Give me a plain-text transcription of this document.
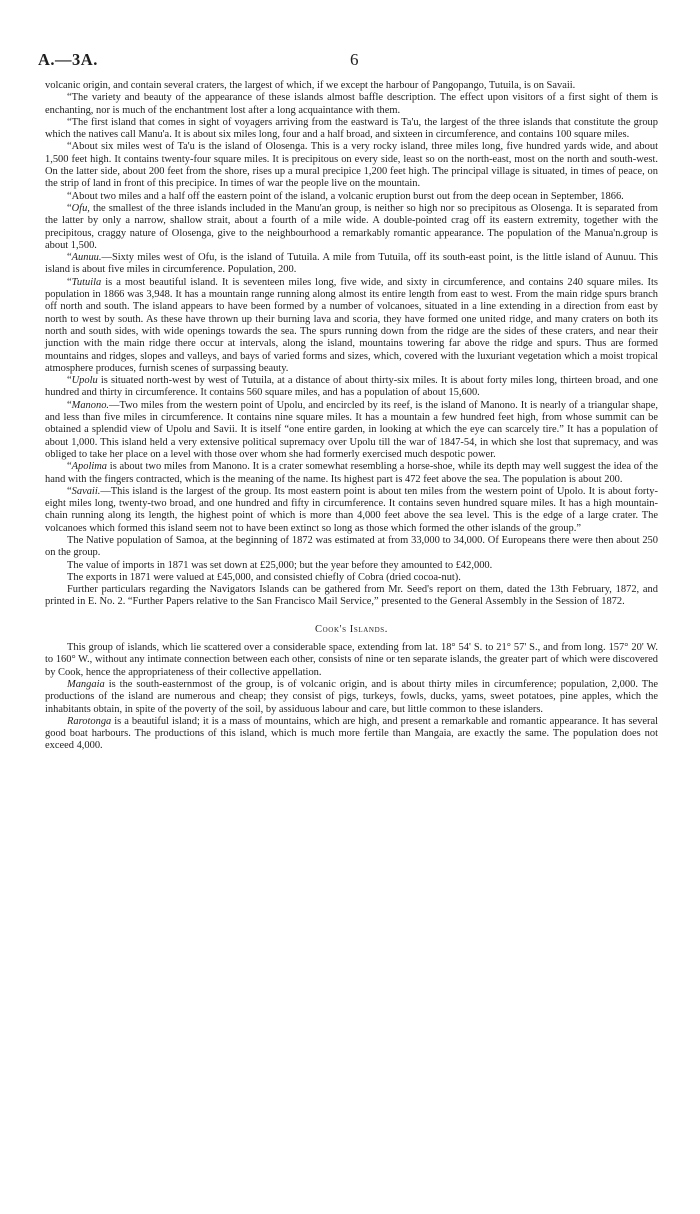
A.—3A.	6

volcanic origin, and contain several craters, the largest of which, if we except the harbour of Pangopango, Tutuila, is on Savaii.

“The variety and beauty of the appearance of these islands almost baffle description. The effect upon visitors of a first sight of them is enchanting, nor is much of the enchantment lost after a long acquaintance with them.

“The first island that comes in sight of voyagers arriving from the eastward is Ta'u, the largest of the three islands that constitute the group which the natives call Manu'a. It is about six miles long, four and a half broad, and sixteen in circumference, and contains 100 square miles.

“About six miles west of Ta'u is the island of Olosenga. This is a very rocky island, three miles long, five hundred yards wide, and about 1,500 feet high. It contains twenty-four square miles. It is precipitous on every side, least so on the north-east, most on the north and south-west. On the latter side, about 200 feet from the shore, rises up a mural precipice 1,200 feet high. The principal village is situated, in times of peace, on the strip of land in front of this precipice. In times of war the people live on the mountain.

“About two miles and a half off the eastern point of the island, a volcanic eruption burst out from the deep ocean in September, 1866.

“Ofu, the smallest of the three islands included in the Manu'an group, is neither so high nor so precipitous as Olosenga. It is separated from the latter by only a narrow, shallow strait, about a fourth of a mile wide. A double-pointed crag off its eastern extremity, together with the precipitous, craggy nature of Olosenga, give to the neighbourhood a remarkably romantic appearance. The population of the Manua'n.group is about 1,500.

“Aunuu.—Sixty miles west of Ofu, is the island of Tutuila. A mile from Tutuila, off its south-east point, is the little island of Aunuu. This island is about five miles in circumference. Population, 200.

“Tutuila is a most beautiful island. It is seventeen miles long, five wide, and sixty in circumference, and contains 240 square miles. Its population in 1866 was 3,948. It has a mountain range running along almost its entire length from east to west. From the main ridge spurs branch off north and south. The island appears to have been formed by a number of volcanoes, situated in a line extending in a direction from east by north to west by south. As these have thrown up their burning lava and scoria, they have formed one united ridge, and many craters on both its north and south sides, with wide openings towards the sea. The spurs running down from the ridge are the sides of these craters, and near their junction with the main ridge there occur at intervals, along the island, mountains towering far above the ridge and spurs. Thus are formed mountains and ridges, slopes and valleys, and bays of varied forms and sizes, which, covered with the luxuriant vegetation which a moist tropical atmosphere produces, furnish scenes of surpassing beauty.

“Upolu is situated north-west by west of Tutuila, at a distance of about thirty-six miles. It is about forty miles long, thirteen broad, and one hundred and thirty in circumference. It contains 560 square miles, and has a population of about 15,600.

“Manono.—Two miles from the western point of Upolu, and encircled by its reef, is the island of Manono. It is nearly of a triangular shape, and less than five miles in circumference. It contains nine square miles. It has a mountain a few hundred feet high, from whose summit can be obtained a splendid view of Upolu and Savii. It is itself “one entire garden, in looking at which the eye can scarcely tire.” It has a population of about 1,000. This island held a very extensive political supremacy over Upolu till the war of 1847-54, in which she lost that supremacy, and was obliged to take her place on a level with those over whom she had formerly exercised much despotic power.

“Apolima is about two miles from Manono. It is a crater somewhat resembling a horse-shoe, while its depth may well suggest the idea of the hand with the fingers contracted, which is the meaning of the name. Its highest part is 472 feet above the sea. The population is about 200.

“Savaii.—This island is the largest of the group. Its most eastern point is about ten miles from the western point of Upolo. It is about forty-eight miles long, twenty-two broad, and one hundred and fifty in circumference. It contains seven hundred square miles. It has a high mountain-chain running along its length, the highest point of which is more than 4,000 feet above the sea level. This is the edge of a large crater. The volcanoes which formed this island seem not to have been extinct so long as those which formed the other islands of the group.”

The Native population of Samoa, at the beginning of 1872 was estimated at from 33,000 to 34,000. Of Europeans there were then about 250 on the group.

The value of imports in 1871 was set down at £25,000; but the year before they amounted to £42,000.

The exports in 1871 were valued at £45,000, and consisted chiefly of Cobra (dried cocoa-nut).

Further particulars regarding the Navigators Islands can be gathered from Mr. Seed's report on them, dated the 13th February, 1872, and printed in E. No. 2. “Further Papers relative to the San Francisco Mail Service,” presented to the General Assembly in the Session of 1872.

Cook's Islands.

This group of islands, which lie scattered over a considerable space, extending from lat. 18° 54' S. to 21° 57' S., and from long. 157° 20' W. to 160° W., without any intimate connection between each other, consists of nine or ten separate islands, the greater part of which were discovered by Cook, hence the appropriateness of their collective appellation.

Mangaia is the south-easternmost of the group, is of volcanic origin, and is about thirty miles in circumference; population, 2,000. The productions of the island are numerous and cheap; they consist of pigs, turkeys, fowls, ducks, yams, sweet potatoes, pine apples, which the inhabitants obtain, in spite of the poverty of the soil, by assiduous labour and care, but little common to these islanders.

Rarotonga is a beautiful island; it is a mass of mountains, which are high, and present a remarkable and romantic appearance. It has several good boat harbours. The productions of this island, which is much more fertile than Mangaia, are exactly the same. The population does not exceed 4,000.
